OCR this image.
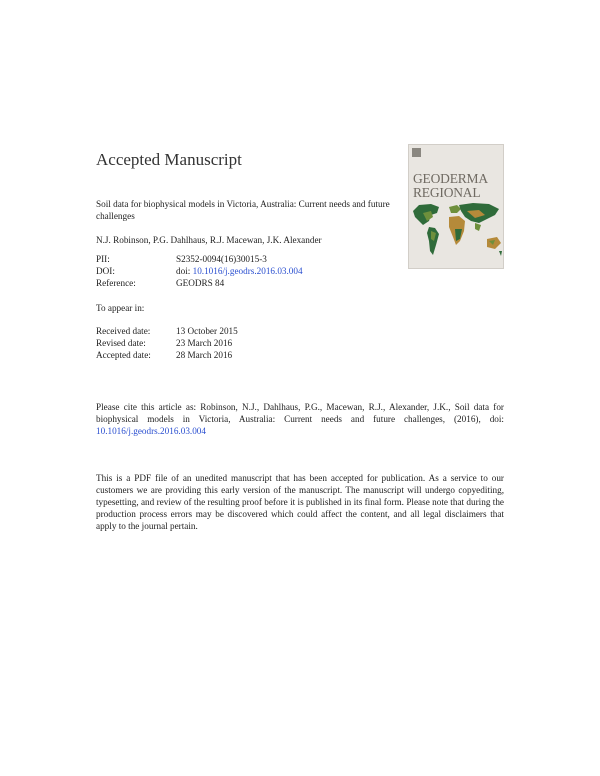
Accepted Manuscript
Soil data for biophysical models in Victoria, Australia: Current needs and future challenges
N.J. Robinson, P.G. Dahlhaus, R.J. Macewan, J.K. Alexander
PII:	S2352-0094(16)30015-3
DOI:	doi: 10.1016/j.geodrs.2016.03.004
Reference:	GEODRS 84
To appear in:
Received date:	13 October 2015
Revised date:	23 March 2016
Accepted date:	28 March 2016
Please cite this article as: Robinson, N.J., Dahlhaus, P.G., Macewan, R.J., Alexander, J.K., Soil data for biophysical models in Victoria, Australia: Current needs and future challenges, (2016), doi: 10.1016/j.geodrs.2016.03.004
This is a PDF file of an unedited manuscript that has been accepted for publication. As a service to our customers we are providing this early version of the manuscript. The manuscript will undergo copyediting, typesetting, and review of the resulting proof before it is published in its final form. Please note that during the production process errors may be discovered which could affect the content, and all legal disclaimers that apply to the journal pertain.
GEODERMA
REGIONAL
